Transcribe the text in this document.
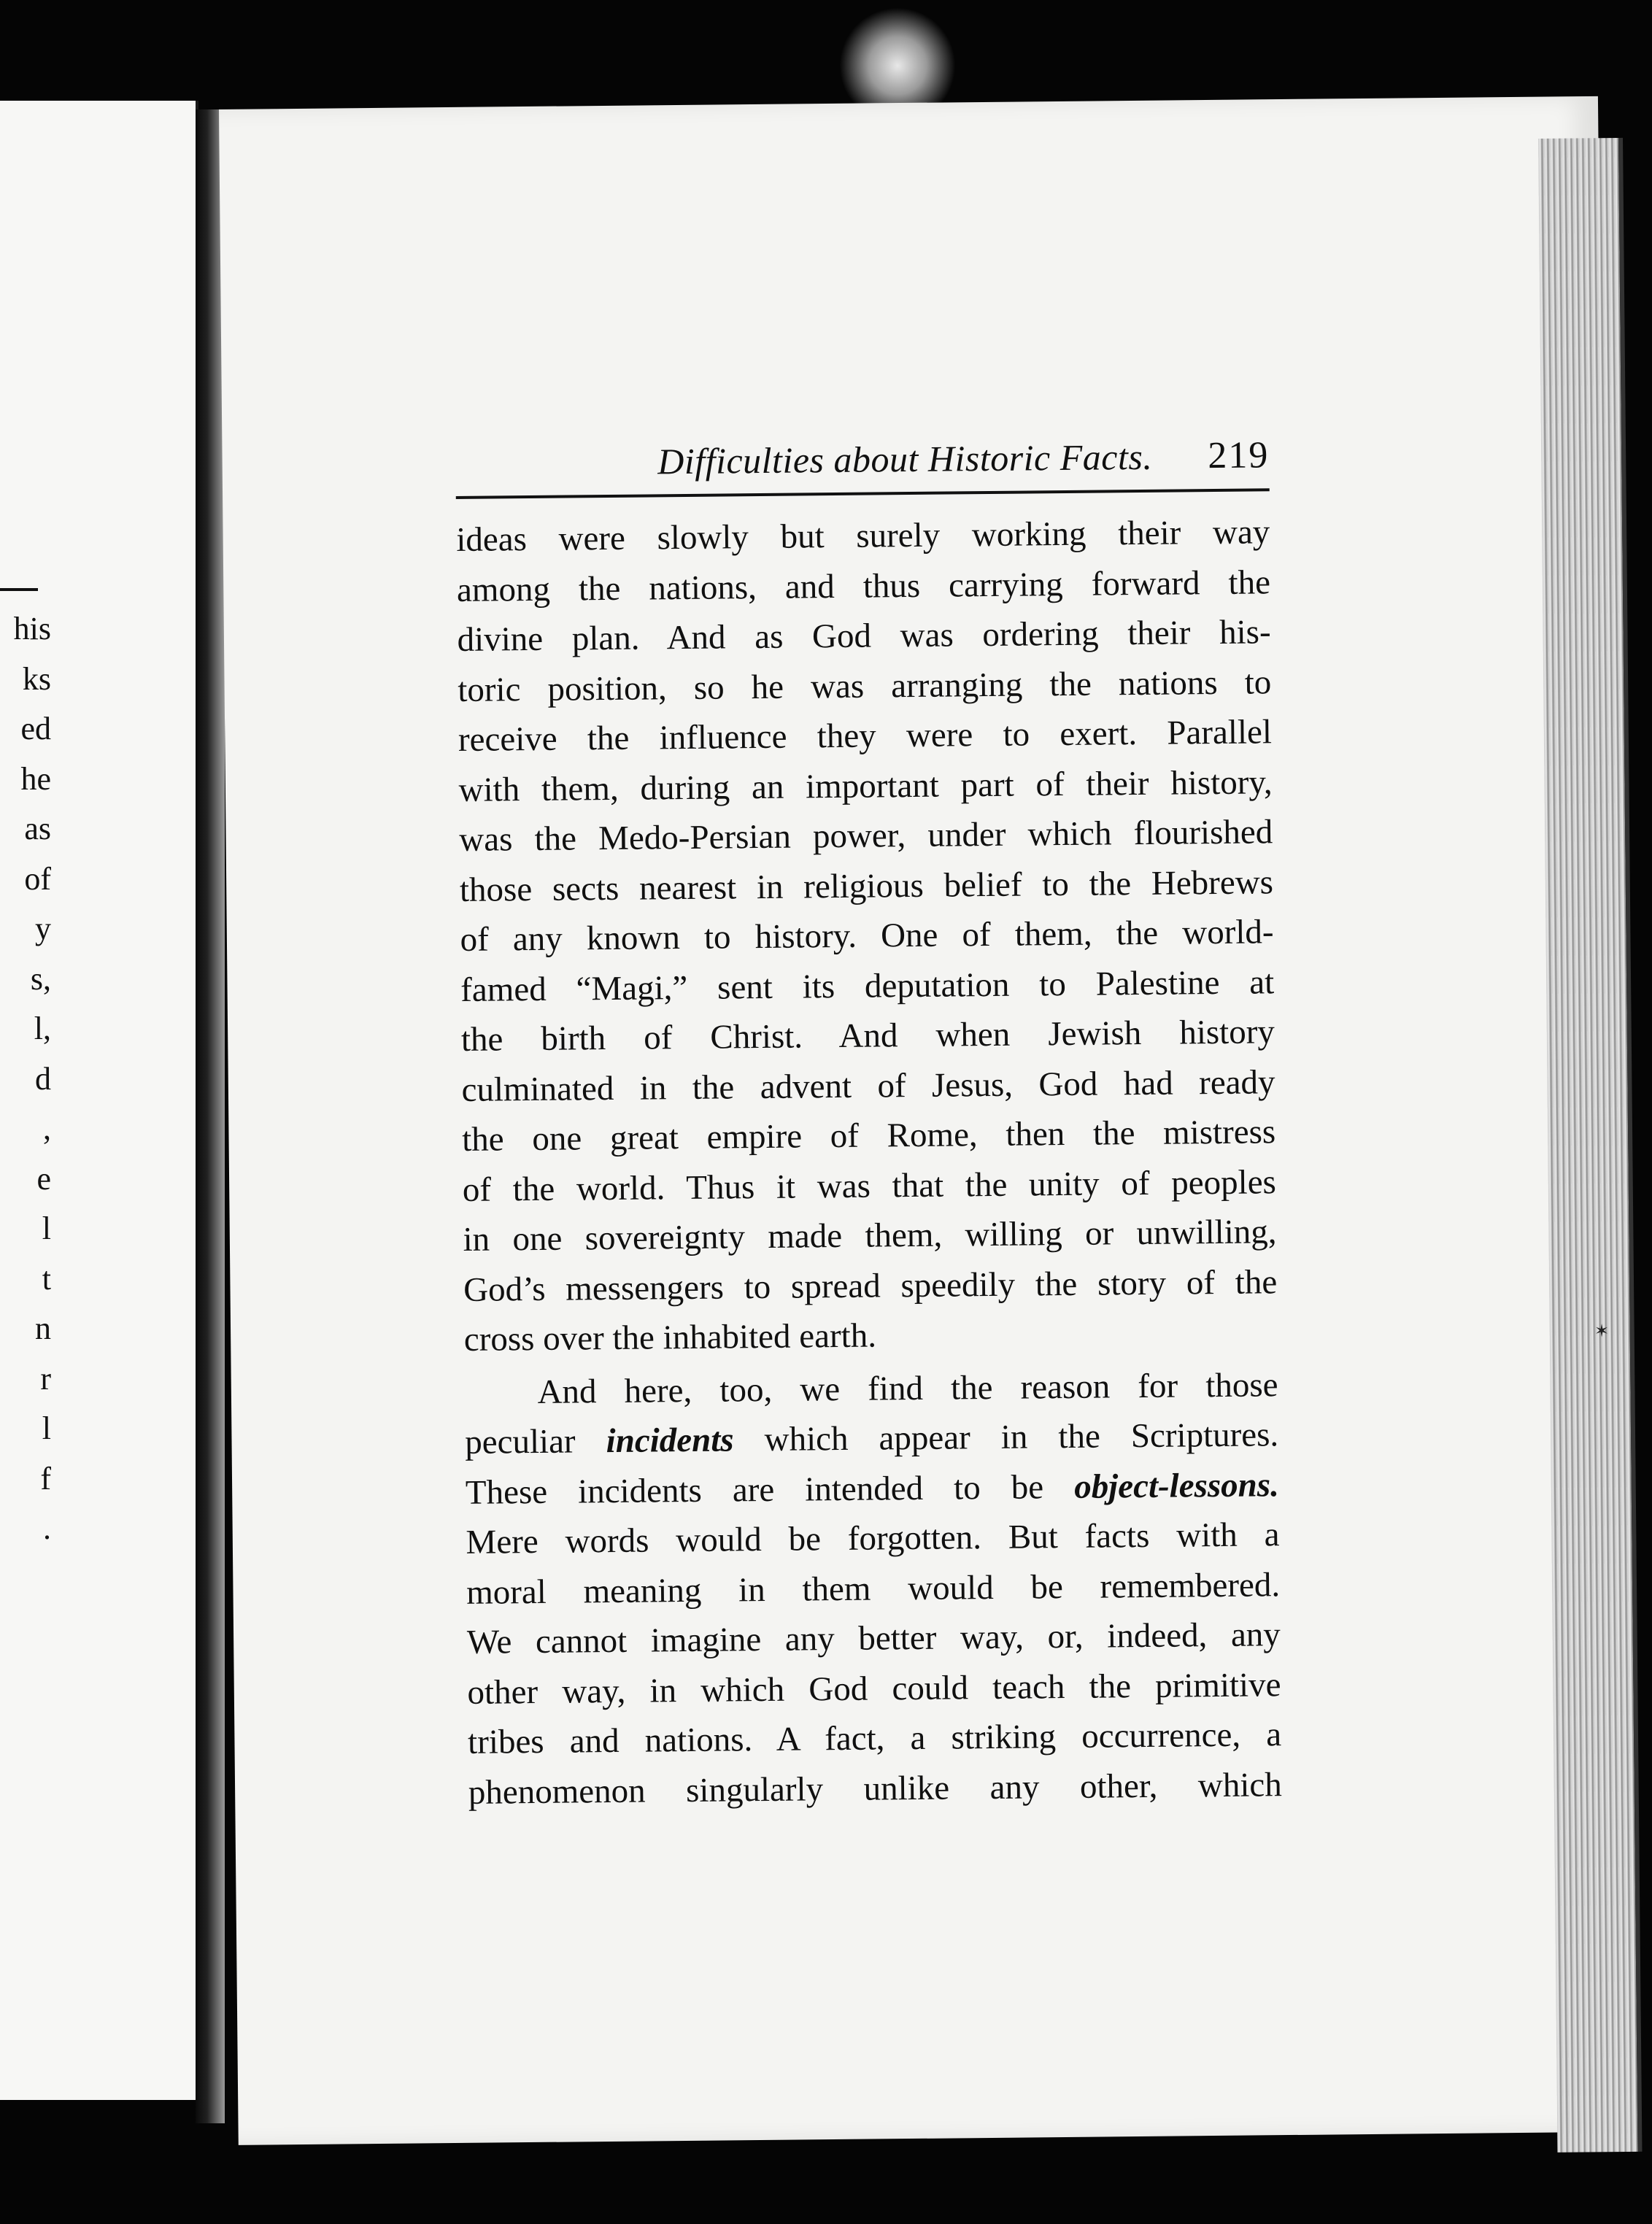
his
ks
ed
he
as
of
y
s,
l,
d
,
e
l
t
n
r
l
f
.
✶
Difficulties about Historic Facts. 219
ideas were slowly but surely working their way
among the nations, and thus carrying forward the
divine plan. And as God was ordering their his-
toric position, so he was arranging the nations to
receive the influence they were to exert. Parallel
with them, during an important part of their history,
was the Medo-Persian power, under which flourished
those sects nearest in religious belief to the Hebrews
of any known to history. One of them, the world-
famed “Magi,” sent its deputation to Palestine at
the birth of Christ. And when Jewish history
culminated in the advent of Jesus, God had ready
the one great empire of Rome, then the mistress
of the world. Thus it was that the unity of peoples
in one sovereignty made them, willing or unwilling,
God’s messengers to spread speedily the story of the
cross over the inhabited earth.
And here, too, we find the reason for those
peculiar incidents which appear in the Scriptures.
These incidents are intended to be object-lessons.
Mere words would be forgotten. But facts with a
moral meaning in them would be remembered.
We cannot imagine any better way, or, indeed, any
other way, in which God could teach the primitive
tribes and nations. A fact, a striking occurrence, a
phenomenon singularly unlike any other, which
